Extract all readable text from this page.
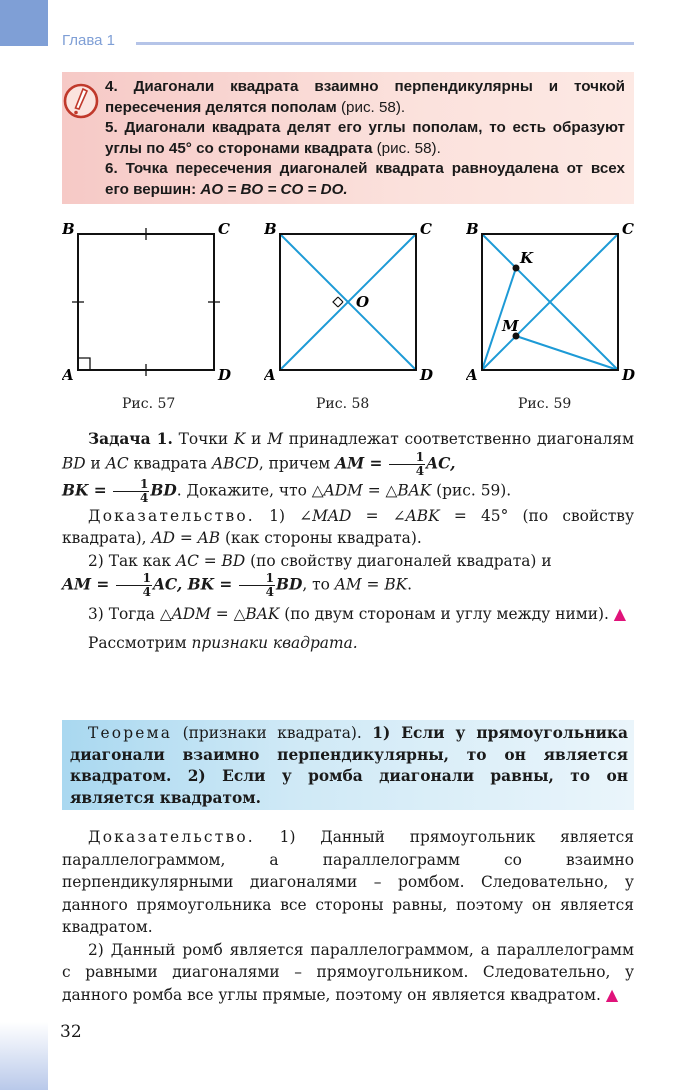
Глава 1

4. Диагонали квадрата взаимно перпендикулярны и точкой пересечения делятся пополам (рис. 58).

5. Диагонали квадрата делят его углы пополам, то есть образуют углы по 45° со сторонами квадрата (рис. 58).

6. Точка пересечения диагоналей квадрата равноудалена от всех его вершин: AO = BO = CO = DO.

B	C
A	D
Рис. 57
O
B	C
A	D
Рис. 58
K
M
B	C
A	D
Рис. 59

Задача 1. Точки K и M принадлежат соответственно диагоналям BD и AC квадрата ABCD, причем AM = $\frac{1}{4}$ AC,
BK = $\frac{1}{4}$ BD. Докажите, что △ADM = △BAK (рис. 59).

Доказательство. 1) ∠MAD = ∠ABK = 45° (по свойству квадрата), AD = AB (как стороны квадрата).

2) Так как AC = BD (по свойству диагоналей квадрата) и
AM = $\frac{1}{4}$ AC, BK = $\frac{1}{4}$ BD, то AM = BK.

3) Тогда △ADM = △BAK (по двум сторонам и углу между ними). ▲

Рассмотрим признаки квадрата.

Теорема (признаки квадрата). 1) Если у прямоугольника диагонали взаимно перпендикулярны, то он является квадратом. 2) Если у ромба диагонали равны, то он является квадратом.

Доказательство. 1) Данный прямоугольник является параллелограммом, а параллелограмм со взаимно перпендикулярными диагоналями – ромбом. Следовательно, у данного прямоугольника все стороны равны, поэтому он является квадратом.

2) Данный ромб является параллелограммом, а параллелограмм с равными диагоналями – прямоугольником. Следовательно, у данного ромба все углы прямые, поэтому он является квадратом. ▲

32
